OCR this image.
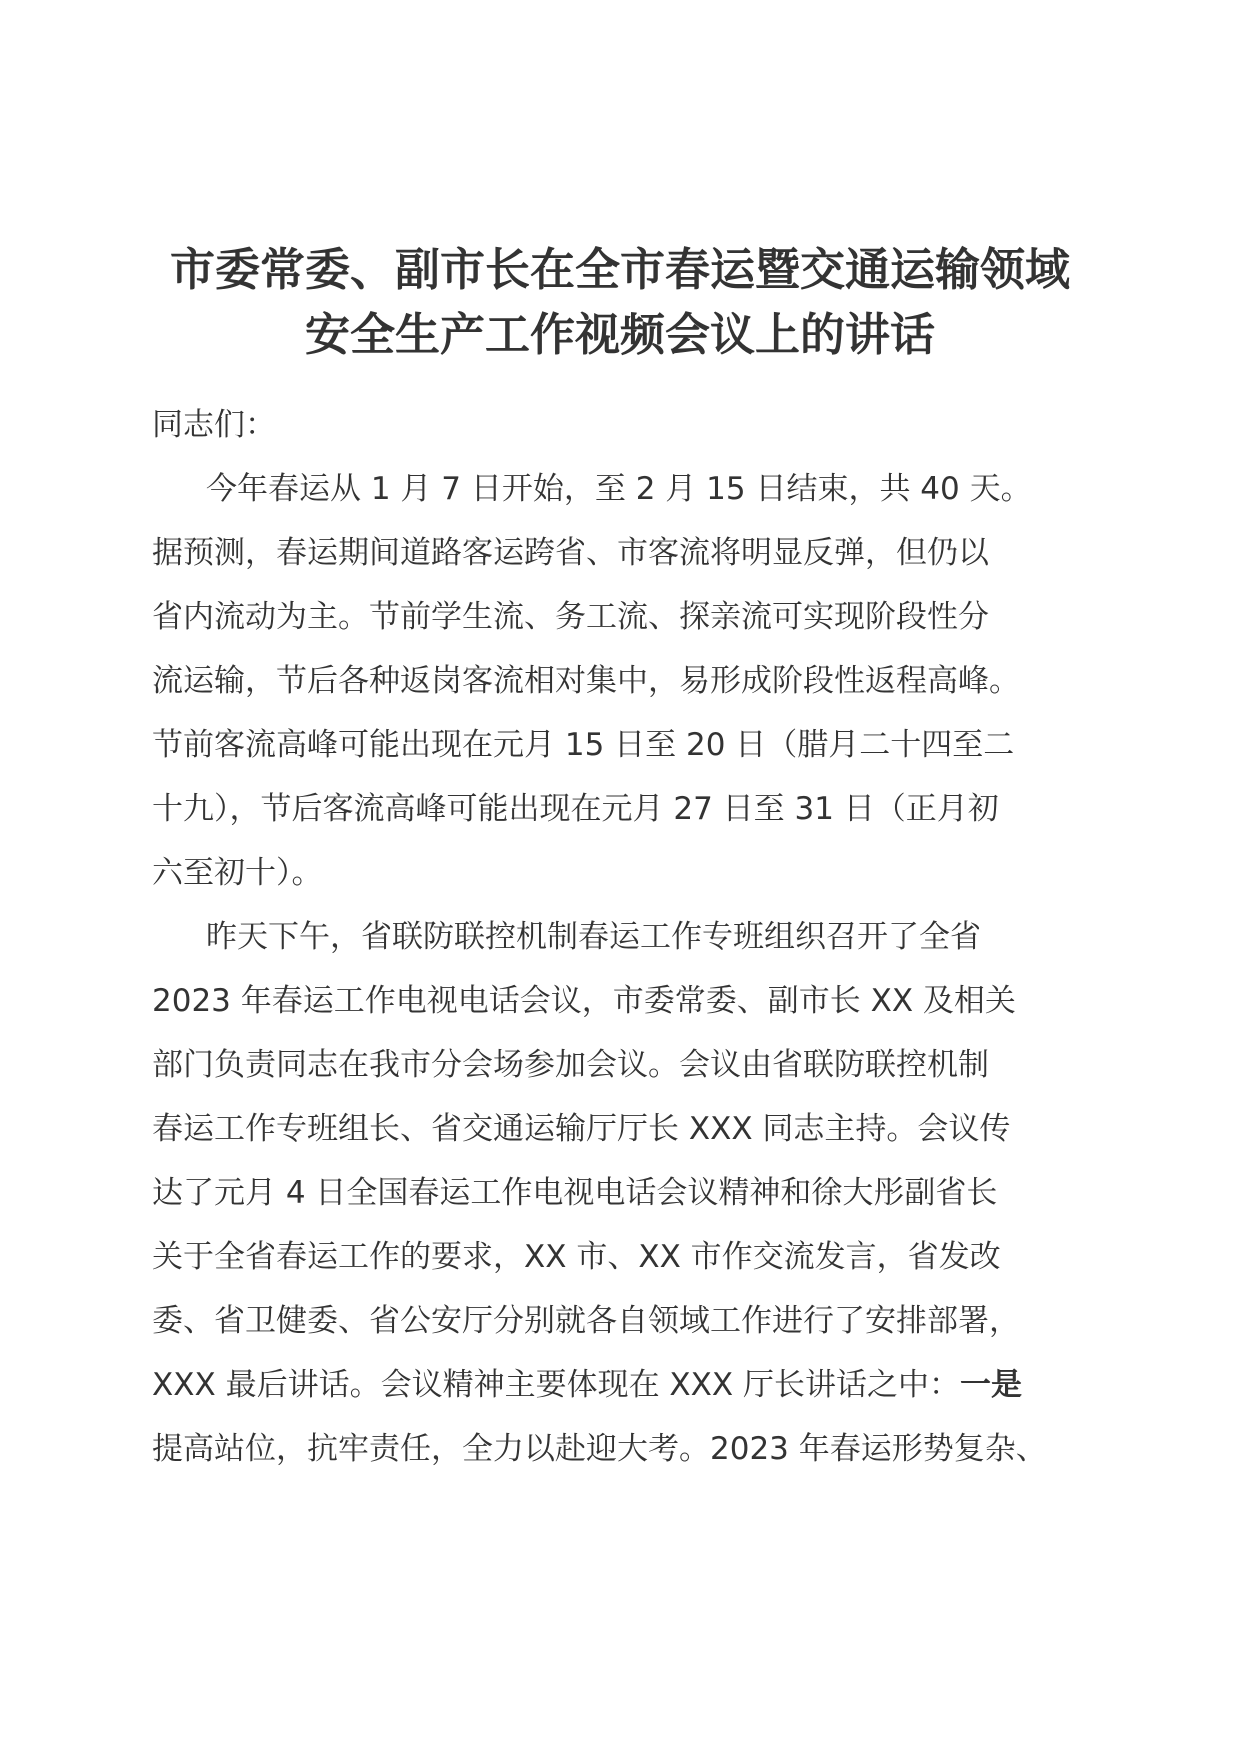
市委常委、副市长在全市春运暨交通运输领域
安全生产工作视频会议上的讲话
同志们：
今年春运从 1 月 7 日开始，至 2 月 15 日结束，共 40 天。
据预测，春运期间道路客运跨省、市客流将明显反弹，但仍以
省内流动为主。节前学生流、务工流、探亲流可实现阶段性分
流运输，节后各种返岗客流相对集中，易形成阶段性返程高峰。
节前客流高峰可能出现在元月 15 日至 20 日（腊月二十四至二
十九），节后客流高峰可能出现在元月 27 日至 31 日（正月初
六至初十）。
昨天下午，省联防联控机制春运工作专班组织召开了全省
2023 年春运工作电视电话会议，市委常委、副市长 XX 及相关
部门负责同志在我市分会场参加会议。会议由省联防联控机制
春运工作专班组长、省交通运输厅厅长 XXX 同志主持。会议传
达了元月 4 日全国春运工作电视电话会议精神和徐大彤副省长
关于全省春运工作的要求，XX 市、XX 市作交流发言，省发改
委、省卫健委、省公安厅分别就各自领域工作进行了安排部署，
XXX 最后讲话。会议精神主要体现在 XXX 厅长讲话之中：一是
提高站位，抗牢责任，全力以赴迎大考。2023 年春运形势复杂、
